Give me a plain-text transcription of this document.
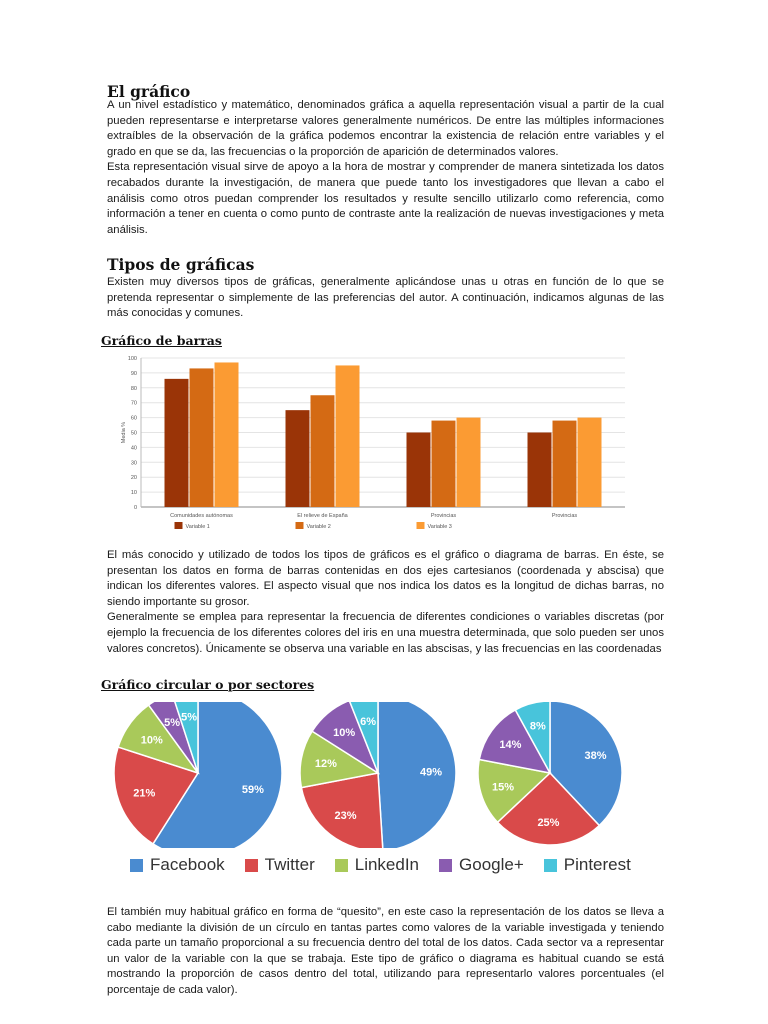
El gráfico

A un nivel estadístico y matemático, denominados gráfica a aquella representación visual a partir de la cual pueden representarse e interpretarse valores generalmente numéricos. De entre las múltiples informaciones extraíbles de la observación de la gráfica podemos encontrar la existencia de relación entre variables y el grado en que se da, las frecuencias o la proporción de aparición de determinados valores.

Esta representación visual sirve de apoyo a la hora de mostrar y comprender de manera sintetizada los datos recabados durante la investigación, de manera que puede tanto los investigadores que llevan a cabo el análisis como otros puedan comprender los resultados y resulte sencillo utilizarlo como referencia, como información a tener en cuenta o como punto de contraste ante la realización de nuevas investigaciones y meta análisis.

Tipos de gráficas

Existen muy diversos tipos de gráficas, generalmente aplicándose unas u otras en función de lo que se pretenda representar o simplemente de las preferencias del autor. A continuación, indicamos algunas de las más conocidas y comunes.

Gráfico de barras

0
10
20
30
40
50
60
70
80
90
100
Media %
Comunidades autónomas	El relieve de España	Provincias	Provincias
Variable 1	Variable 2	Variable 3

El más conocido y utilizado de todos los tipos de gráficos es el gráfico o diagrama de barras. En éste, se presentan los datos en forma de barras contenidas en dos ejes cartesianos (coordenada y abscisa) que indican los diferentes valores. El aspecto visual que nos indica los datos es la longitud de dichas barras, no siendo importante su grosor.

Generalmente se emplea para representar la frecuencia de diferentes condiciones o variables discretas (por ejemplo la frecuencia de los diferentes colores del iris en una muestra determinada, que solo pueden ser unos valores concretos). Únicamente se observa una variable en las abscisas, y las frecuencias en las coordenadas

Gráfico circular o por sectores

59%
21%
10%
5% 5%
49%
23%
12%
10%
6%
38%
25%
15%
14%
8%
Facebook Twitter LinkedIn Google+ Pinterest

El también muy habitual gráfico en forma de “quesito”, en este caso la representación de los datos se lleva a cabo mediante la división de un círculo en tantas partes como valores de la variable investigada y teniendo cada parte un tamaño proporcional a su frecuencia dentro del total de los datos. Cada sector va a representar un valor de la variable con la que se trabaja. Este tipo de gráfico o diagrama es habitual cuando se está mostrando la proporción de casos dentro del total, utilizando para representarlo valores porcentuales (el porcentaje de cada valor).
